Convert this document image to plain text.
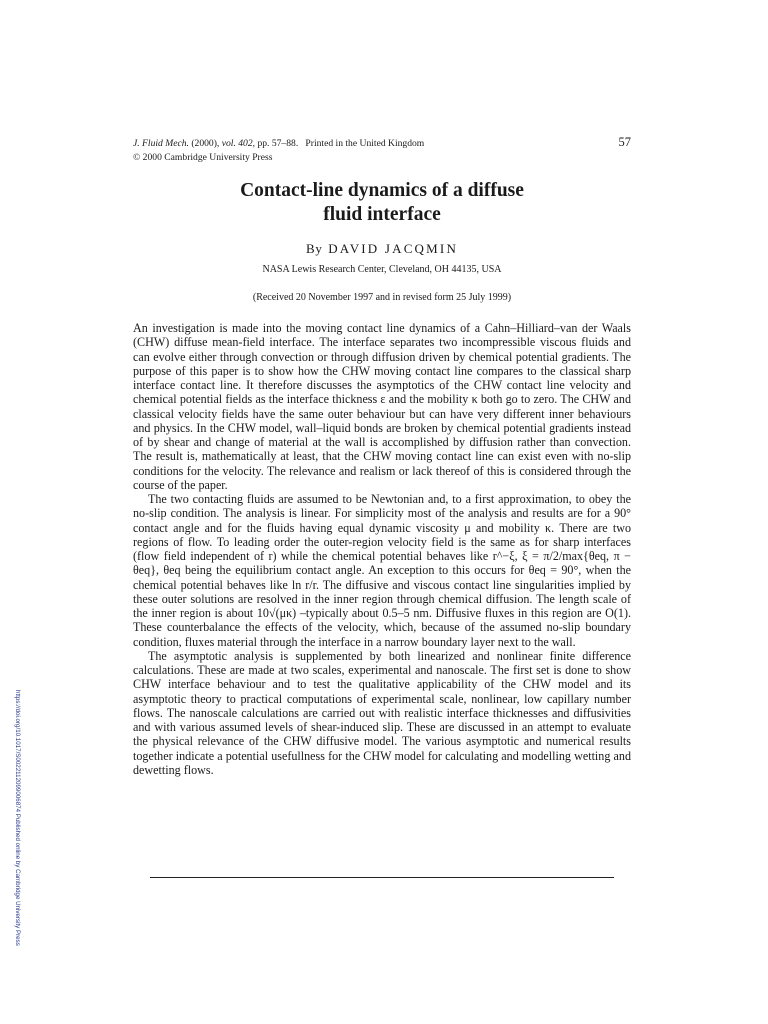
J. Fluid Mech. (2000), vol. 402, pp. 57–88. Printed in the United Kingdom	57
© 2000 Cambridge University Press
Contact-line dynamics of a diffuse
fluid interface
By DAVID JACQMIN
NASA Lewis Research Center, Cleveland, OH 44135, USA
(Received 20 November 1997 and in revised form 25 July 1999)

An investigation is made into the moving contact line dynamics of a Cahn–Hilliard–van der Waals (CHW) diffuse mean-field interface. The interface separates two incompressible viscous fluids and can evolve either through convection or through diffusion driven by chemical potential gradients. The purpose of this paper is to show how the CHW moving contact line compares to the classical sharp interface contact line. It therefore discusses the asymptotics of the CHW contact line velocity and chemical potential fields as the interface thickness ε and the mobility κ both go to zero. The CHW and classical velocity fields have the same outer behaviour but can have very different inner behaviours and physics. In the CHW model, wall–liquid bonds are broken by chemical potential gradients instead of by shear and change of material at the wall is accomplished by diffusion rather than convection. The result is, mathematically at least, that the CHW moving contact line can exist even with no-slip conditions for the velocity. The relevance and realism or lack thereof of this is considered through the course of the paper.

The two contacting fluids are assumed to be Newtonian and, to a first approximation, to obey the no-slip condition. The analysis is linear. For simplicity most of the analysis and results are for a 90° contact angle and for the fluids having equal dynamic viscosity μ and mobility κ. There are two regions of flow. To leading order the outer-region velocity field is the same as for sharp interfaces (flow field independent of r) while the chemical potential behaves like r^−ξ, ξ = π/2/max{θeq, π − θeq}, θeq being the equilibrium contact angle. An exception to this occurs for θeq = 90°, when the chemical potential behaves like ln r/r. The diffusive and viscous contact line singularities implied by these outer solutions are resolved in the inner region through chemical diffusion. The length scale of the inner region is about 10√(μκ) –typically about 0.5–5 nm. Diffusive fluxes in this region are O(1). These counterbalance the effects of the velocity, which, because of the assumed no-slip boundary condition, fluxes material through the interface in a narrow boundary layer next to the wall.

The asymptotic analysis is supplemented by both linearized and nonlinear finite difference calculations. These are made at two scales, experimental and nanoscale. The first set is done to show CHW interface behaviour and to test the qualitative applicability of the CHW model and its asymptotic theory to practical computations of experimental scale, nonlinear, low capillary number flows. The nanoscale calculations are carried out with realistic interface thicknesses and diffusivities and with various assumed levels of shear-induced slip. These are discussed in an attempt to evaluate the physical relevance of the CHW diffusive model. The various asymptotic and numerical results together indicate a potential usefullness for the CHW model for calculating and modelling wetting and dewetting flows.

https://doi.org/10.1017/S0022112099006874 Published online by Cambridge University Press
